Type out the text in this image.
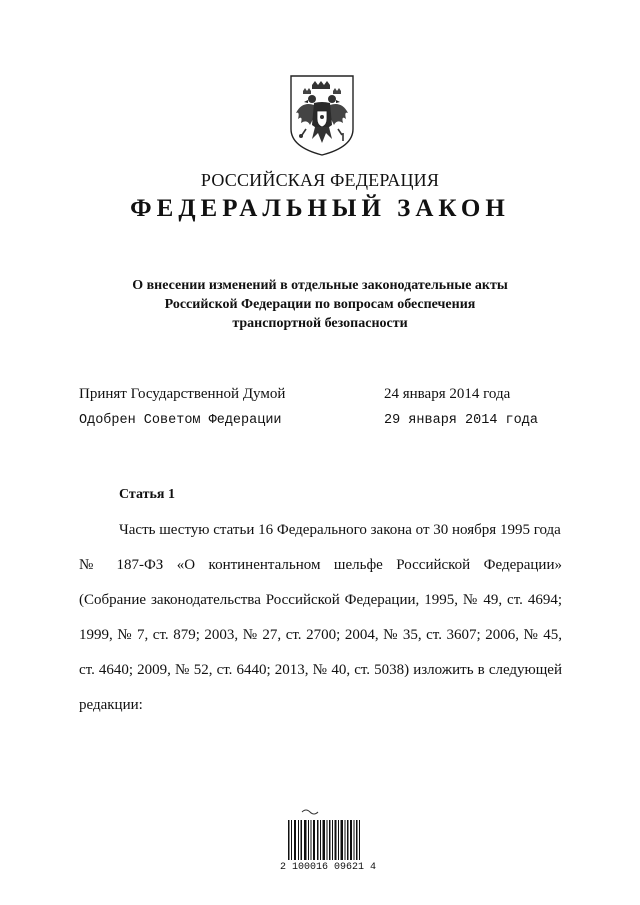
РОССИЙСКАЯ ФЕДЕРАЦИЯ
ФЕДЕРАЛЬНЫЙ ЗАКОН
О внесении изменений в отдельные законодательные акты
Российской Федерации по вопросам обеспечения
транспортной безопасности
Принят Государственной Думой	24 января 2014 года
Одобрен Советом Федерации	29 января 2014 года
Статья 1
Часть шестую статьи 16 Федерального закона от 30 ноября 1995 года
№ 187-ФЗ «О континентальном шельфе Российской Федерации»
(Собрание законодательства Российской Федерации, 1995, № 49, ст. 4694;
1999, № 7, ст. 879; 2003, № 27, ст. 2700; 2004, № 35, ст. 3607; 2006, № 45,
ст. 4640; 2009, № 52, ст. 6440; 2013, № 40, ст. 5038) изложить в следующей
редакции:
2 100016 09621 4
